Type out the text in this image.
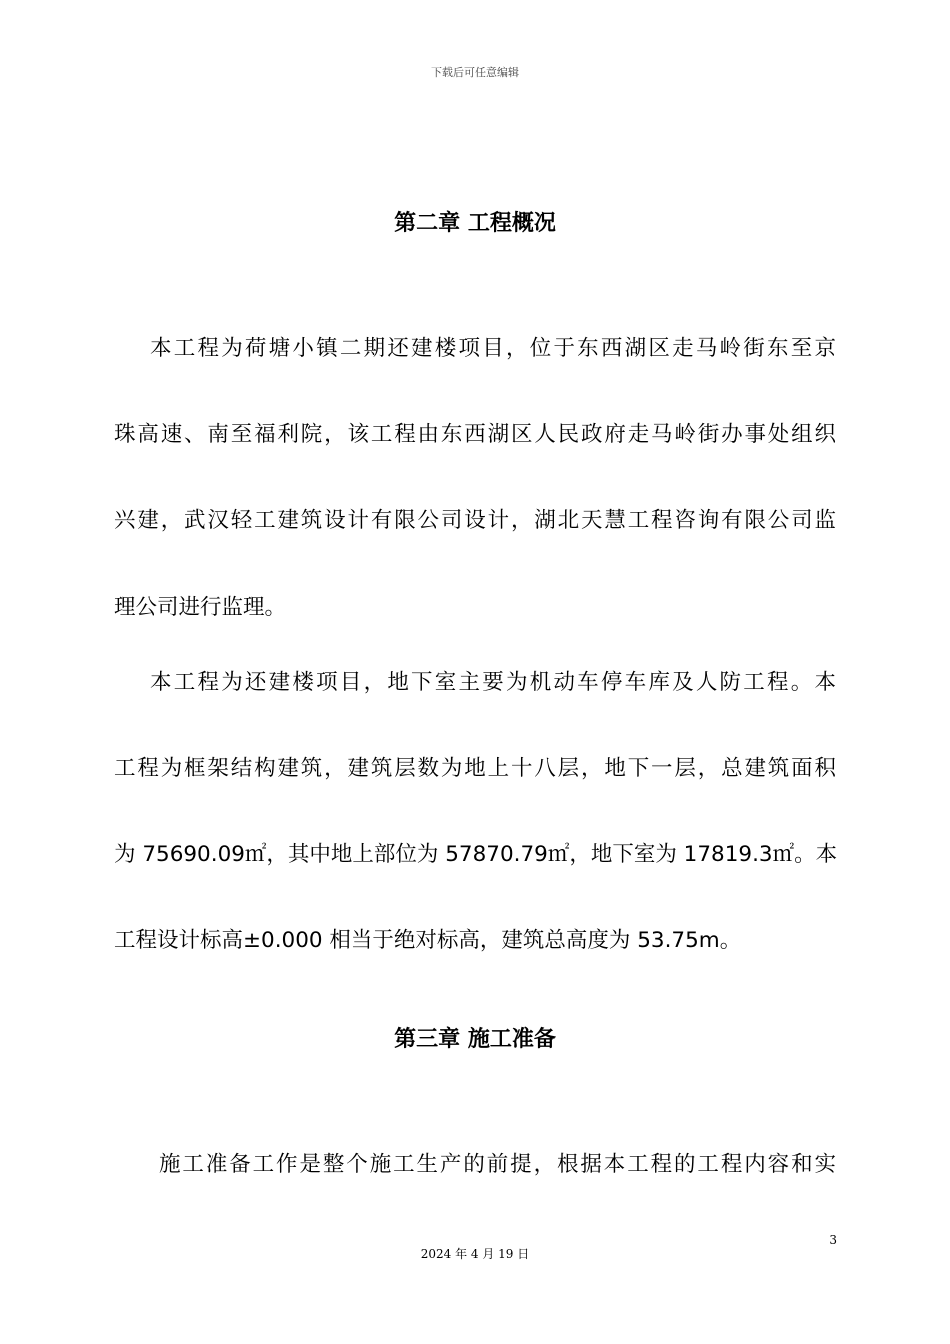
下载后可任意编辑
第二章 工程概况
本工程为荷塘小镇二期还建楼项目，位于东西湖区走马岭街东至京
珠高速、南至福利院，该工程由东西湖区人民政府走马岭街办事处组织
兴建，武汉轻工建筑设计有限公司设计，湖北天慧工程咨询有限公司监
理公司进行监理。
本工程为还建楼项目，地下室主要为机动车停车库及人防工程。本
工程为框架结构建筑，建筑层数为地上十八层，地下一层，总建筑面积
为 75690.09㎡，其中地上部位为 57870.79㎡，地下室为 17819.3㎡。本
工程设计标高±0.000 相当于绝对标高，建筑总高度为 53.75m。
第三章 施工准备
施工准备工作是整个施工生产的前提，根据本工程的工程内容和实
3
2024 年 4 月 19 日
